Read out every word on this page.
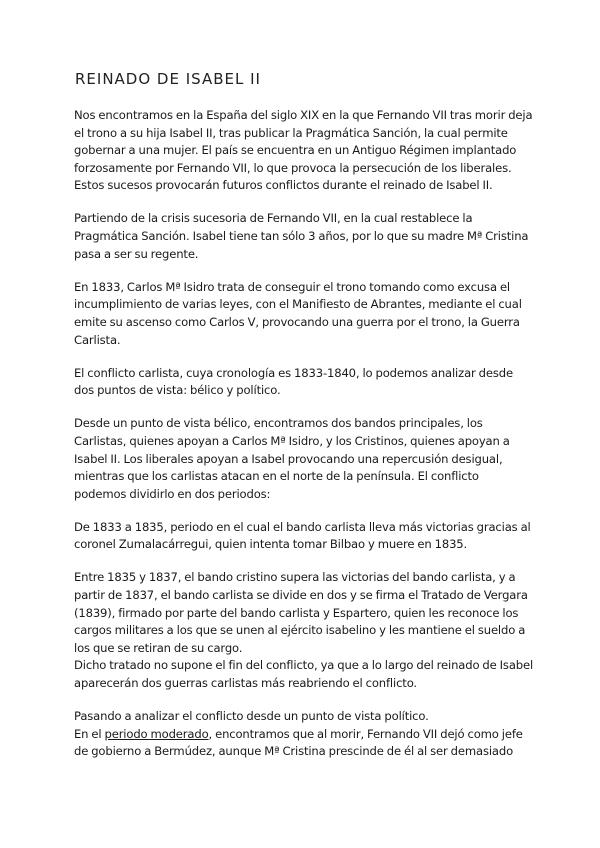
REINADO DE ISABEL II

Nos encontramos en la España del siglo XIX en la que Fernando VII tras morir deja el trono a su hija Isabel II, tras publicar la Pragmática Sanción, la cual permite gobernar a una mujer. El país se encuentra en un Antiguo Régimen implantado forzosamente por Fernando VII, lo que provoca la persecución de los liberales. Estos sucesos provocarán futuros conflictos durante el reinado de Isabel II.

Partiendo de la crisis sucesoria de Fernando VII, en la cual restablece la Pragmática Sanción. Isabel tiene tan sólo 3 años, por lo que su madre Mª Cristina pasa a ser su regente.

En 1833, Carlos Mª Isidro trata de conseguir el trono tomando como excusa el incumplimiento de varias leyes, con el Manifiesto de Abrantes, mediante el cual emite su ascenso como Carlos V, provocando una guerra por el trono, la Guerra Carlista.

El conflicto carlista, cuya cronología es 1833-1840, lo podemos analizar desde dos puntos de vista: bélico y político.

Desde un punto de vista bélico, encontramos dos bandos principales, los Carlistas, quienes apoyan a Carlos Mª Isidro, y los Cristinos, quienes apoyan a Isabel II. Los liberales apoyan a Isabel provocando una repercusión desigual, mientras que los carlistas atacan en el norte de la península. El conflicto podemos dividirlo en dos periodos:

De 1833 a 1835, periodo en el cual el bando carlista lleva más victorias gracias al coronel Zumalacárregui, quien intenta tomar Bilbao y muere en 1835.

Entre 1835 y 1837, el bando cristino supera las victorias del bando carlista, y a partir de 1837, el bando carlista se divide en dos y se firma el Tratado de Vergara (1839), firmado por parte del bando carlista y Espartero, quien les reconoce los cargos militares a los que se unen al ejército isabelino y les mantiene el sueldo a los que se retiran de su cargo.

Dicho tratado no supone el fin del conflicto, ya que a lo largo del reinado de Isabel aparecerán dos guerras carlistas más reabriendo el conflicto.

Pasando a analizar el conflicto desde un punto de vista político.

En el periodo moderado, encontramos que al morir, Fernando VII dejó como jefe de gobierno a Bermúdez, aunque Mª Cristina prescinde de él al ser demasiado
